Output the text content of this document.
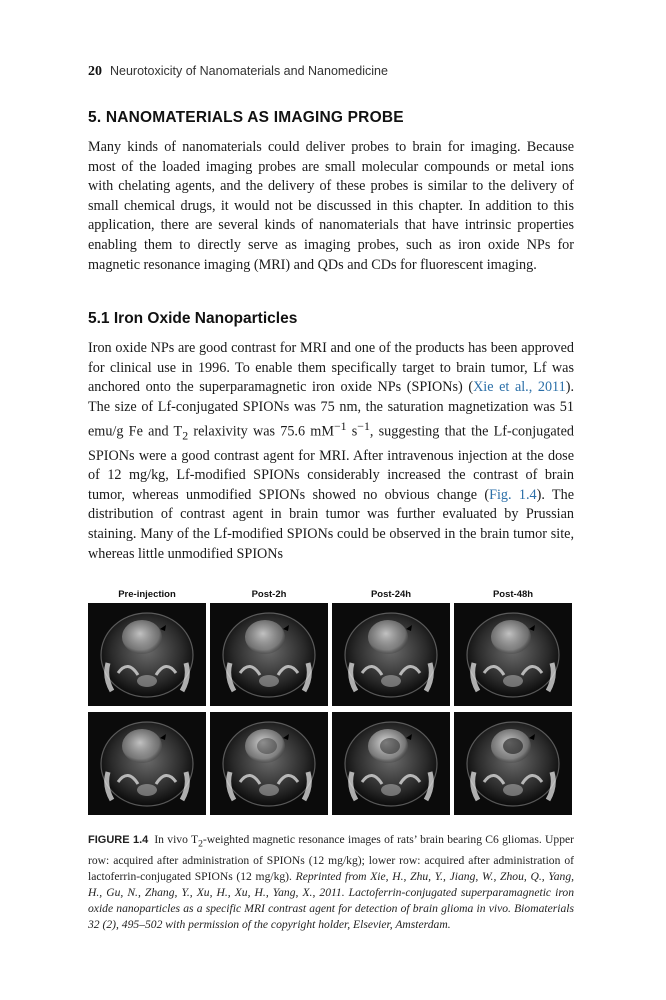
20 Neurotoxicity of Nanomaterials and Nanomedicine
5. NANOMATERIALS AS IMAGING PROBE

Many kinds of nanomaterials could deliver probes to brain for imaging. Because most of the loaded imaging probes are small molecular compounds or metal ions with chelating agents, and the delivery of these probes is similar to the delivery of small chemical drugs, it would not be discussed in this chapter. In addition to this application, there are several kinds of nanomaterials that have intrinsic properties enabling them to directly serve as imaging probes, such as iron oxide NPs for magnetic resonance imaging (MRI) and QDs and CDs for fluorescent imaging.

5.1 Iron Oxide Nanoparticles

Iron oxide NPs are good contrast for MRI and one of the products has been approved for clinical use in 1996. To enable them specifically target to brain tumor, Lf was anchored onto the superparamagnetic iron oxide NPs (SPIONs) (Xie et al., 2011). The size of Lf-conjugated SPIONs was 75 nm, the saturation magnetization was 51 emu/g Fe and $T_2$ relaxivity was 75.6 $mM^{-1}$ $s^{-1}$, suggesting that the Lf-conjugated SPIONs were a good contrast agent for MRI. After intravenous injection at the dose of 12 mg/kg, Lf-modified SPIONs considerably increased the contrast of brain tumor, whereas unmodified SPIONs showed no obvious change (Fig. 1.4). The distribution of contrast agent in brain tumor was further evaluated by Prussian staining. Many of the Lf-modified SPIONs could be observed in the brain tumor site, whereas little unmodified SPIONs

Pre-injection	Post-2h	Post-24h	Post-48h

FIGURE 1.4 In vivo $T_2$-weighted magnetic resonance images of rats’ brain bearing C6 gliomas. Upper row: acquired after administration of SPIONs (12 mg/kg); lower row: acquired after administration of lactoferrin-conjugated SPIONs (12 mg/kg). Reprinted from Xie, H., Zhu, Y., Jiang, W., Zhou, Q., Yang, H., Gu, N., Zhang, Y., Xu, H., Xu, H., Yang, X., 2011. Lactoferrin-conjugated superparamagnetic iron oxide nanoparticles as a specific MRI contrast agent for detection of brain glioma in vivo. Biomaterials 32 (2), 495–502 with permission of the copyright holder, Elsevier, Amsterdam.
